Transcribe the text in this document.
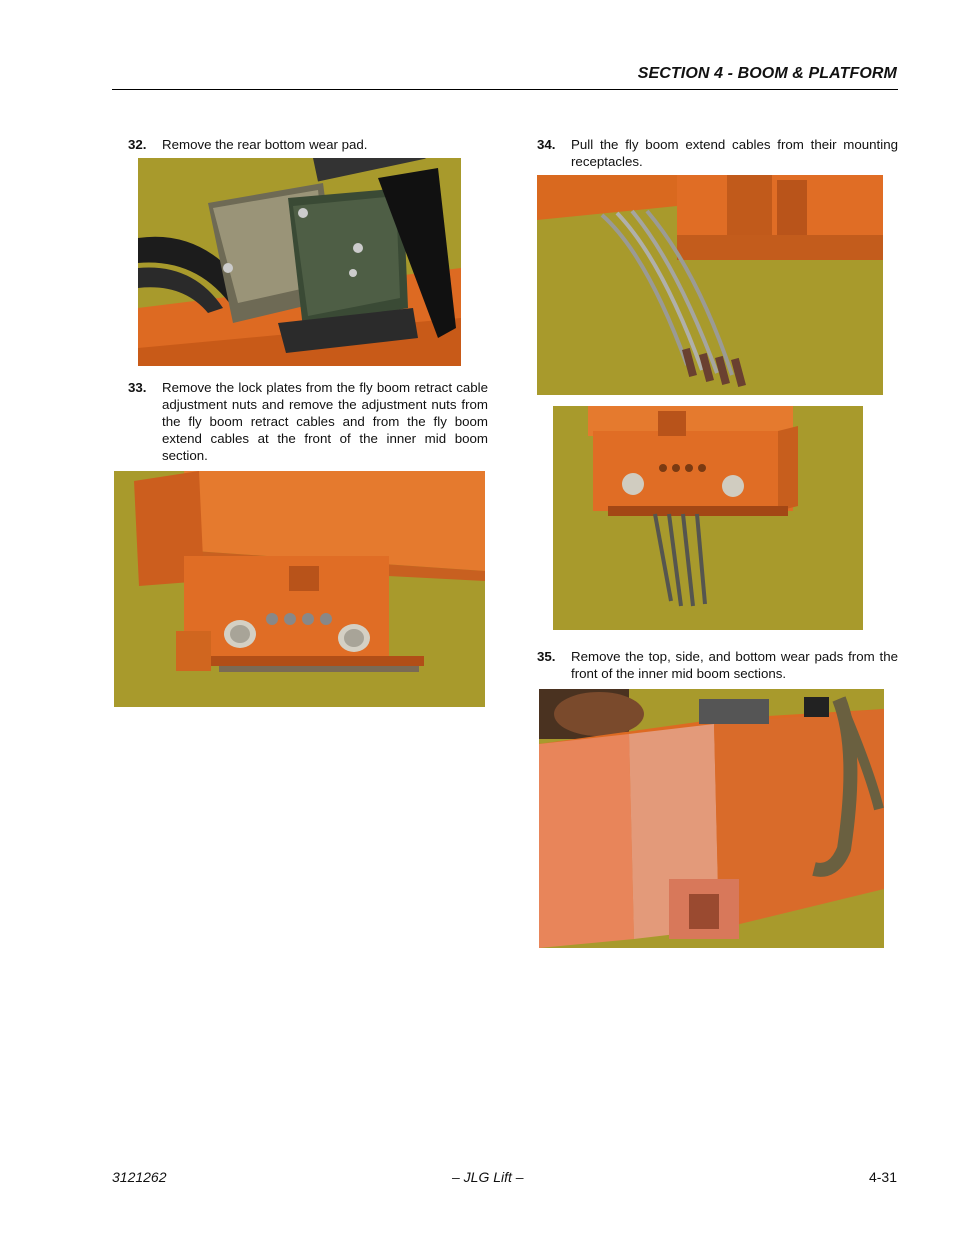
SECTION 4 - BOOM & PLATFORM
32. Remove the rear bottom wear pad.
33. Remove the lock plates from the fly boom retract cable adjustment nuts and remove the adjustment nuts from the fly boom retract cables and from the fly boom extend cables at the front of the inner mid boom section.
34. Pull the fly boom extend cables from their mounting receptacles.
35. Remove the top, side, and bottom wear pads from the front of the inner mid boom sections.
3121262	– JLG Lift –	4-31
